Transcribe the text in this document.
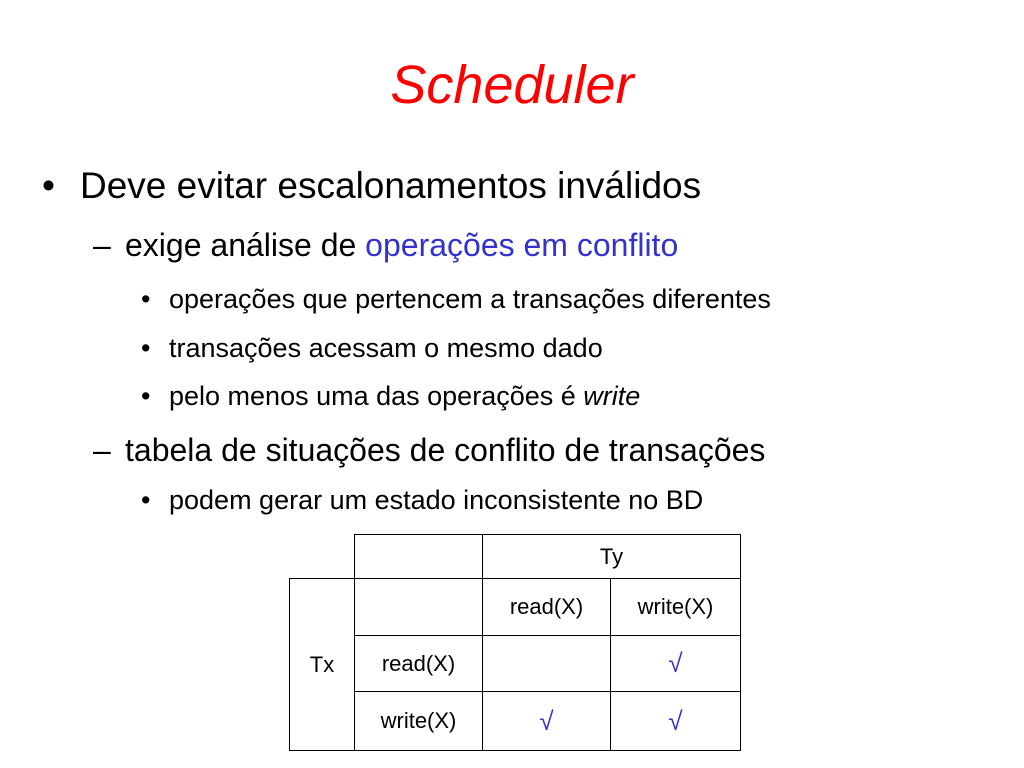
Scheduler
• Deve evitar escalonamentos inválidos
– exige análise de operações em conflito
• operações que pertencem a transações diferentes
• transações acessam o mesmo dado
• pelo menos uma das operações é write
– tabela de situações de conflito de transações
• podem gerar um estado inconsistente no BD
		Ty	
Tx		read(X)	write(X)
	read(X)		√
	write(X)	√	√
